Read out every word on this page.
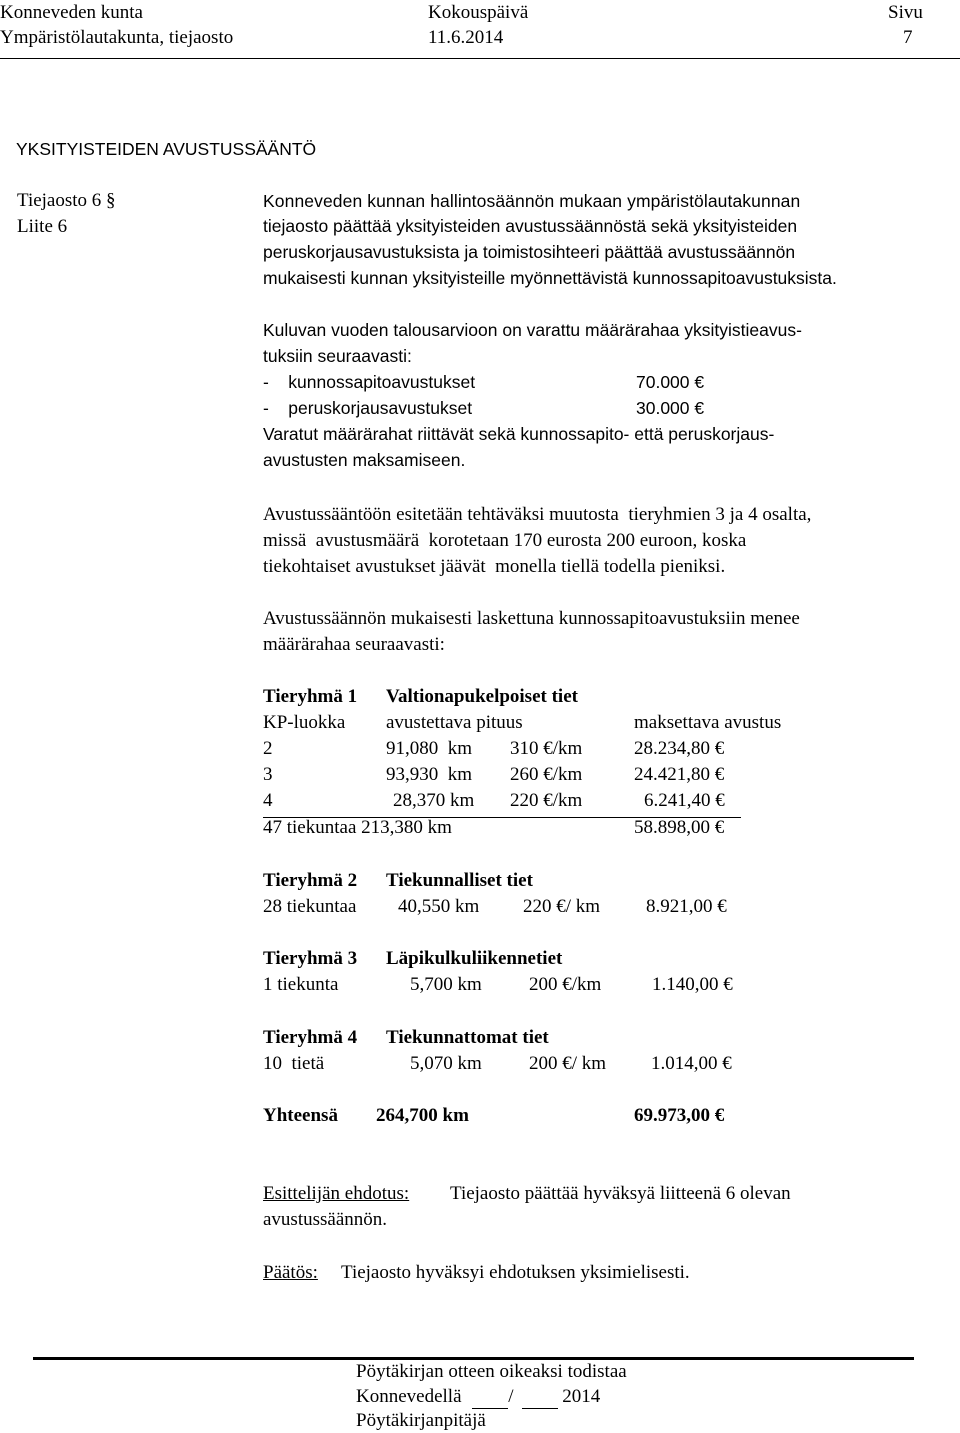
Konneveden kunta
Ympäristölautakunta, tiejaosto
Kokouspäivä
11.6.2014
Sivu
7
YKSITYISTEIDEN AVUSTUSSÄÄNTÖ
Tiejaosto 6 §
Liite 6
Konneveden kunnan hallintosäännön mukaan ympäristölautakunnan
tiejaosto päättää yksityisteiden avustussäännöstä sekä yksityisteiden
peruskorjausavustuksista ja toimistosihteeri päättää avustussäännön
mukaisesti kunnan yksityisteille myönnettävistä kunnossapitoavustuksista.
Kuluvan vuoden talousarvioon on varattu määrärahaa yksityistieavus-
tuksiin seuraavasti:
-    kunnossapitoavustukset	70.000 €
-    peruskorjausavustukset	30.000 €
Varatut määrärahat riittävät sekä kunnossapito- että peruskorjaus-
avustusten maksamiseen.
Avustussääntöön esitetään tehtäväksi muutosta  tieryhmien 3 ja 4 osalta,
missä  avustusmäärä  korotetaan 170 eurosta 200 euroon, koska
tiekohtaiset avustukset jäävät  monella tiellä todella pieniksi.
Avustussäännön mukaisesti laskettuna kunnossapitoavustuksiin menee
määrärahaa seuraavasti:
Tieryhmä 1 Valtionapukelpoiset tiet
KP-luokka avustettava pituus	maksettava avustus
2	91,080  km 310 €/km	28.234,80 €
3	93,930  km 260 €/km	24.421,80 €
4	28,370 km 220 €/km	6.241,40 €
47 tiekuntaa 213,380 km	58.898,00 €
Tieryhmä 2 Tiekunnalliset tiet
28 tiekuntaa 40,550 km 220 €/ km 8.921,00 €
Tieryhmä 3 Läpikulkuliikennetiet
1 tiekunta	5,700 km 200 €/km	1.140,00 €
Tieryhmä 4 Tiekunnattomat tiet
10  tietä	5,070 km 200 €/ km 1.014,00 €
Yhteensä 264,700 km	69.973,00 €
Esittelijän ehdotus: Tiejaosto päättää hyväksyä liitteenä 6 olevan
avustussäännön.
Päätös: Tiejaosto hyväksyi ehdotuksen yksimielisesti.
Pöytäkirjan otteen oikeaksi todistaa
Konnevedellä /	2014
Pöytäkirjanpitäjä
